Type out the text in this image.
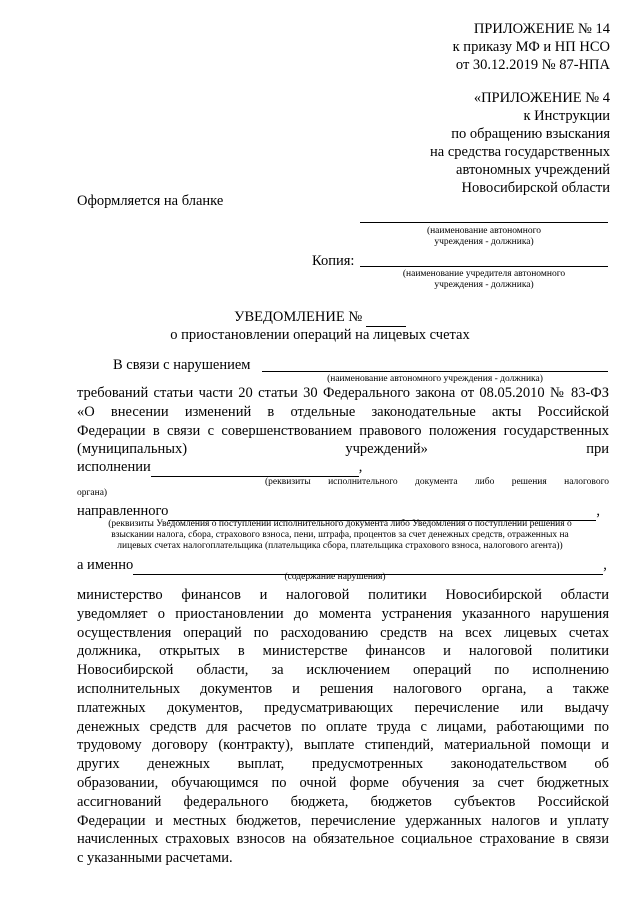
ПРИЛОЖЕНИЕ № 14
к приказу МФ и НП НСО
от 30.12.2019 № 87-НПА
«ПРИЛОЖЕНИЕ № 4
к Инструкции
по обращению взыскания
на средства государственных
автономных учреждений
Новосибирской области
Оформляется на бланке
(наименование автономного
учреждения - должника)
Копия:
(наименование учредителя автономного
учреждения - должника)
УВЕДОМЛЕНИЕ №
о приостановлении операций на лицевых счетах
В связи с нарушением
(наименование автономного учреждения - должника)
требований статьи части 20 статьи 30 Федерального закона от 08.05.2010 № 83-ФЗ
«О внесении изменений в отдельные законодательные акты Российской
Федерации в связи с совершенствованием правового положения государственных
(муниципальных) учреждений» при
исполнении	,
(реквизиты исполнительного документа либо решения налогового
органа)
направленного	,
(реквизиты Уведомления о поступлении исполнительного документа либо Уведомления о поступлении решения о
взыскании налога, сбора, страхового взноса, пени, штрафа, процентов за счет денежных средств, отраженных на
лицевых счетах налогоплательщика (плательщика сбора, плательщика страхового взноса, налогового агента))
а именно	,
(содержание нарушения)
министерство финансов и налоговой политики Новосибирской области
уведомляет о приостановлении до момента устранения указанного нарушения
осуществления операций по расходованию средств на всех лицевых счетах
должника, открытых в министерстве финансов и налоговой политики
Новосибирской области, за исключением операций по исполнению
исполнительных документов и решения налогового органа, а также
платежных документов, предусматривающих перечисление или выдачу
денежных средств для расчетов по оплате труда с лицами, работающими по
трудовому договору (контракту), выплате стипендий, материальной помощи и
других денежных выплат, предусмотренных законодательством об
образовании, обучающимся по очной форме обучения за счет бюджетных
ассигнований федерального бюджета, бюджетов субъектов Российской
Федерации и местных бюджетов, перечисление удержанных налогов и уплату
начисленных страховых взносов на обязательное социальное страхование в связи
с указанными расчетами.
